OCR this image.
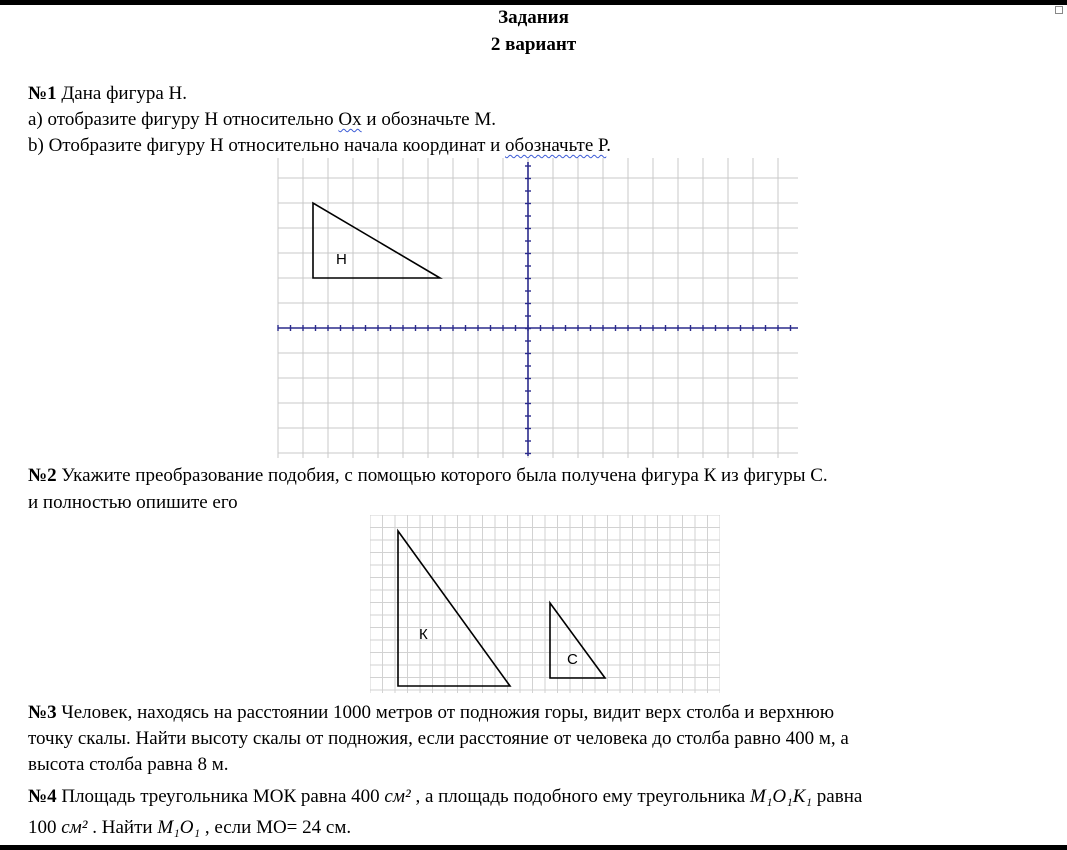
Задания
2 вариант
№1 Дана фигура Н.
а) отобразите фигуру Н относительно Ох и обозначьте М.
b) Отобразите фигуру Н относительно начала координат и обозначьте Р.
Н
№2 Укажите преобразование подобия, с помощью которого была получена фигура К из фигуры С.
и полностью опишите его
К
С
№3 Человек, находясь на расстоянии 1000 метров от подножия горы, видит верх столба и верхнюю
точку скалы. Найти высоту скалы от подножия, если расстояние от человека до столба равно 400 м, а
высота столба равна 8 м.
№4 Площадь треугольника МОК равна 400 см² , а площадь подобного ему треугольника M₁O₁K₁ равна
100 см² . Найти M₁O₁ , если МО= 24 см.
